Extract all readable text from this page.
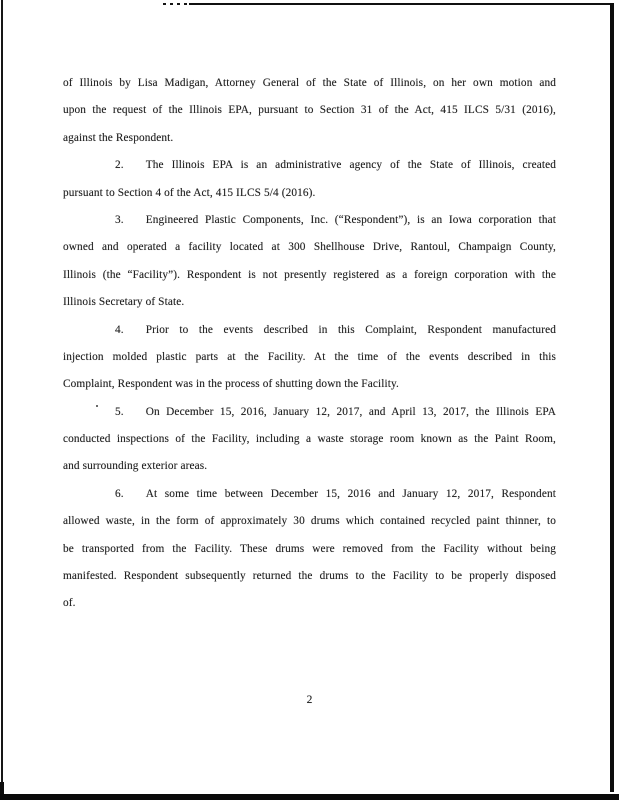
of Illinois by Lisa Madigan, Attorney General of the State of Illinois, on her own motion and
upon the request of the Illinois EPA, pursuant to Section 31 of the Act, 415 ILCS 5/31 (2016),
against the Respondent.
2. The Illinois EPA is an administrative agency of the State of Illinois, created
pursuant to Section 4 of the Act, 415 ILCS 5/4 (2016).
3. Engineered Plastic Components, Inc. (“Respondent”), is an Iowa corporation that
owned and operated a facility located at 300 Shellhouse Drive, Rantoul, Champaign County,
Illinois (the “Facility”). Respondent is not presently registered as a foreign corporation with the
Illinois Secretary of State.
4. Prior to the events described in this Complaint, Respondent manufactured
injection molded plastic parts at the Facility. At the time of the events described in this
Complaint, Respondent was in the process of shutting down the Facility.
5. On December 15, 2016, January 12, 2017, and April 13, 2017, the Illinois EPA
conducted inspections of the Facility, including a waste storage room known as the Paint Room,
and surrounding exterior areas.
6. At some time between December 15, 2016 and January 12, 2017, Respondent
allowed waste, in the form of approximately 30 drums which contained recycled paint thinner, to
be transported from the Facility. These drums were removed from the Facility without being
manifested. Respondent subsequently returned the drums to the Facility to be properly disposed
of.
2
